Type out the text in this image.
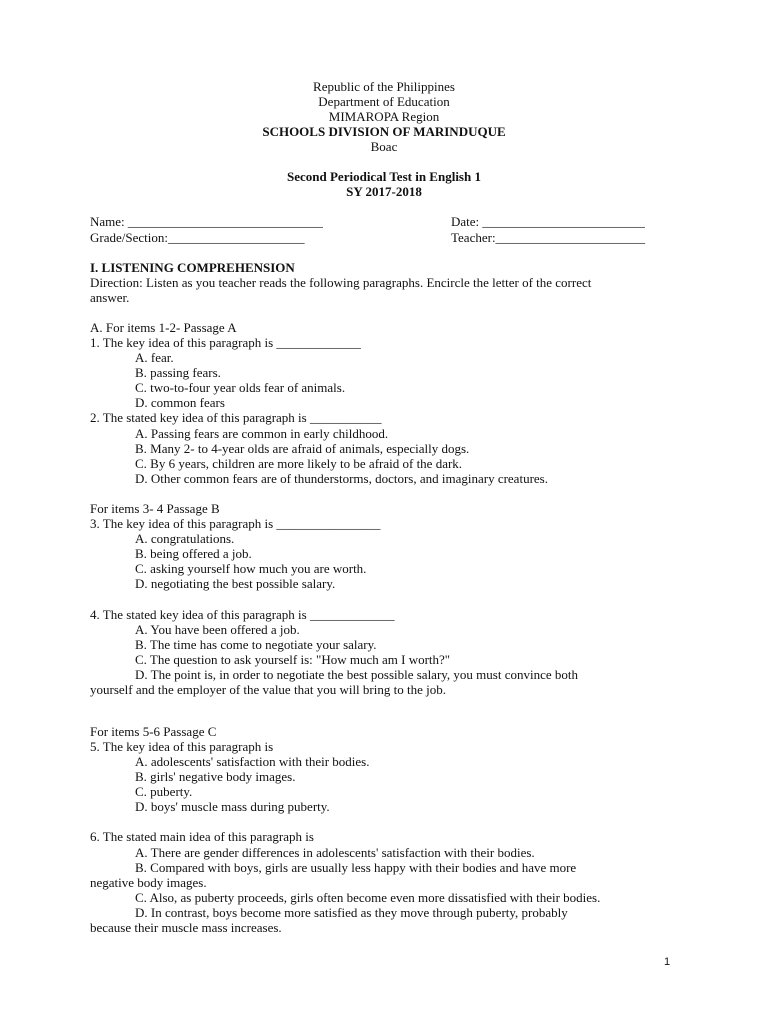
Republic of the Philippines
Department of Education
MIMAROPA Region
SCHOOLS DIVISION OF MARINDUQUE
Boac
Second Periodical Test in English 1
SY 2017-2018
Name: ______________________________	Date: _________________________
Grade/Section:_____________________	Teacher:_______________________
I. LISTENING COMPREHENSION
Direction: Listen as you teacher reads the following paragraphs. Encircle the letter of the correct
answer.
A. For items 1-2- Passage A
1. The key idea of this paragraph is _____________
A. fear.
B. passing fears.
C. two-to-four year olds fear of animals.
D. common fears
2. The stated key idea of this paragraph is ___________
A. Passing fears are common in early childhood.
B. Many 2- to 4-year olds are afraid of animals, especially dogs.
C. By 6 years, children are more likely to be afraid of the dark.
D. Other common fears are of thunderstorms, doctors, and imaginary creatures.
For items 3- 4 Passage B
3. The key idea of this paragraph is ________________
A. congratulations.
B. being offered a job.
C. asking yourself how much you are worth.
D. negotiating the best possible salary.
4. The stated key idea of this paragraph is _____________
A. You have been offered a job.
B. The time has come to negotiate your salary.
C. The question to ask yourself is: "How much am I worth?"
D. The point is, in order to negotiate the best possible salary, you must convince both
yourself and the employer of the value that you will bring to the job.
For items 5-6 Passage C
5. The key idea of this paragraph is
A. adolescents' satisfaction with their bodies.
B. girls' negative body images.
C. puberty.
D. boys' muscle mass during puberty.
6. The stated main idea of this paragraph is
A. There are gender differences in adolescents' satisfaction with their bodies.
B. Compared with boys, girls are usually less happy with their bodies and have more
negative body images.
C. Also, as puberty proceeds, girls often become even more dissatisfied with their bodies.
D. In contrast, boys become more satisfied as they move through puberty, probably
because their muscle mass increases.
1
